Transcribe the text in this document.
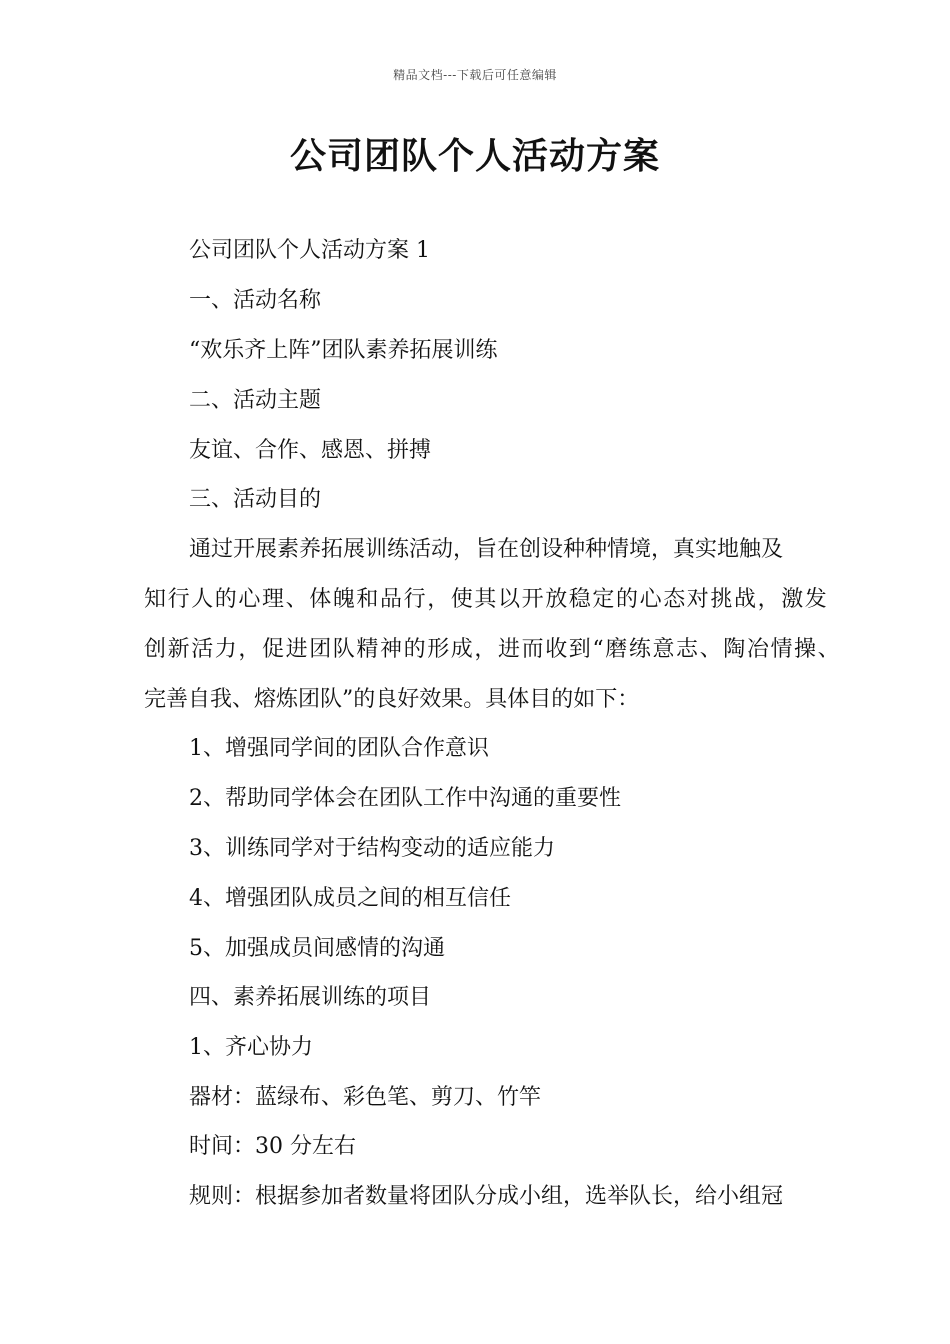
精品文档---下载后可任意编辑
公司团队个人活动方案

公司团队个人活动方案 1

一、活动名称

“欢乐齐上阵”团队素养拓展训练

二、活动主题

友谊、合作、感恩、拼搏

三、活动目的

通过开展素养拓展训练活动，旨在创设种种情境，真实地触及

知行人的心理、体魄和品行，使其以开放稳定的心态对挑战，激发

创新活力，促进团队精神的形成，进而收到“磨练意志、陶冶情操、

完善自我、熔炼团队”的良好效果。具体目的如下：

1、增强同学间的团队合作意识

2、帮助同学体会在团队工作中沟通的重要性

3、训练同学对于结构变动的适应能力

4、增强团队成员之间的相互信任

5、加强成员间感情的沟通

四、素养拓展训练的项目

1、齐心协力

器材：蓝绿布、彩色笔、剪刀、竹竿

时间：30 分左右

规则：根据参加者数量将团队分成小组，选举队长，给小组冠
